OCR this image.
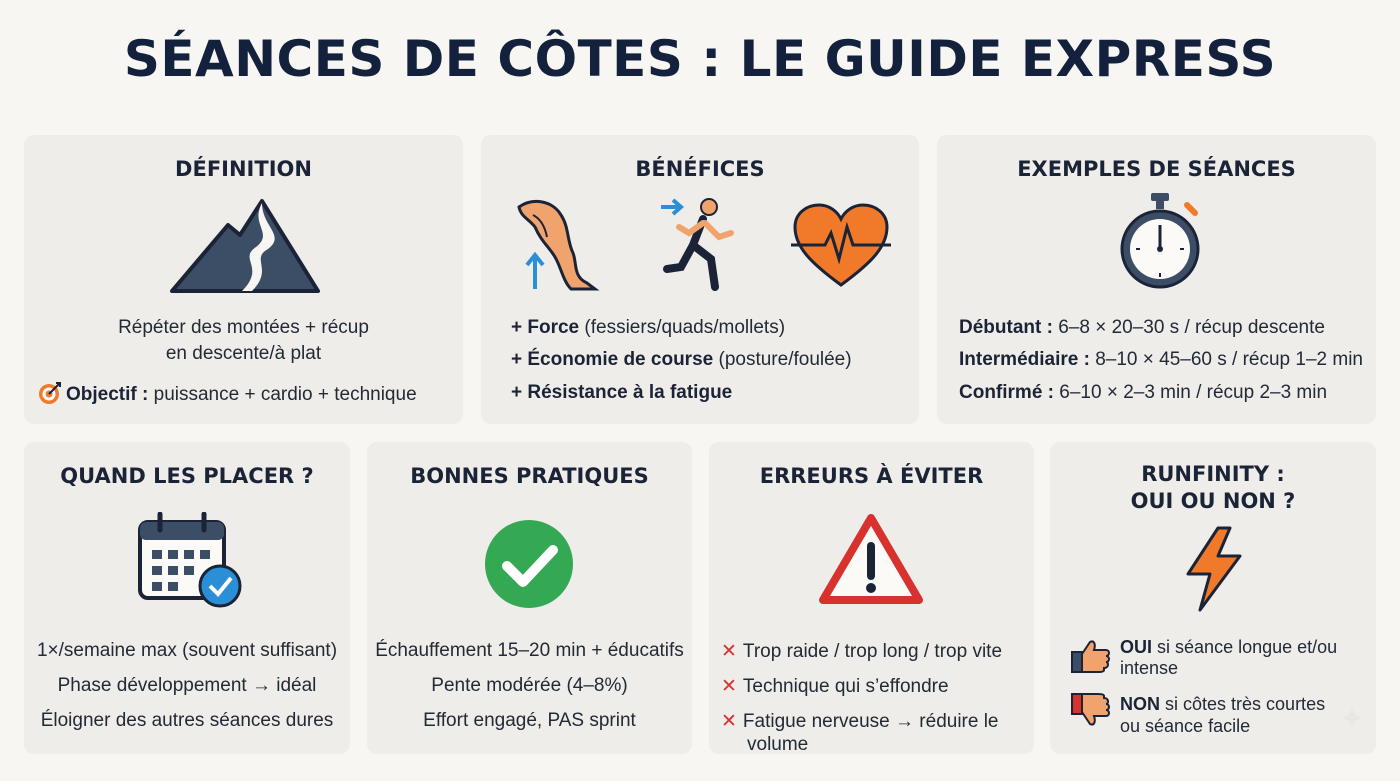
SÉANCES DE CÔTES : LE GUIDE EXPRESS
DÉFINITION
Répéter des montées + récup
en descente/à plat
Objectif : puissance + cardio + technique
BÉNÉFICES
+ Force (fessiers/quads/mollets)
+ Économie de course (posture/foulée)
+ Résistance à la fatigue
EXEMPLES DE SÉANCES
Débutant : 6–8 × 20–30 s / récup descente
Intermédiaire : 8–10 × 45–60 s / récup 1–2 min
Confirmé : 6–10 × 2–3 min / récup 2–3 min
QUAND LES PLACER ?
1×/semaine max (souvent suffisant)
Phase développement → idéal
Éloigner des autres séances dures
BONNES PRATIQUES
Échauffement 15–20 min + éducatifs
Pente modérée (4–8%)
Effort engagé, PAS sprint
ERREURS À ÉVITER
✕ Trop raide / trop long / trop vite
✕ Technique qui s’effondre
✕ Fatigue nerveuse → réduire le
volume
RUNFINITY :
OUI OU NON ?
OUI si séance longue et/ou
intense
NON si côtes très courtes
ou séance facile
